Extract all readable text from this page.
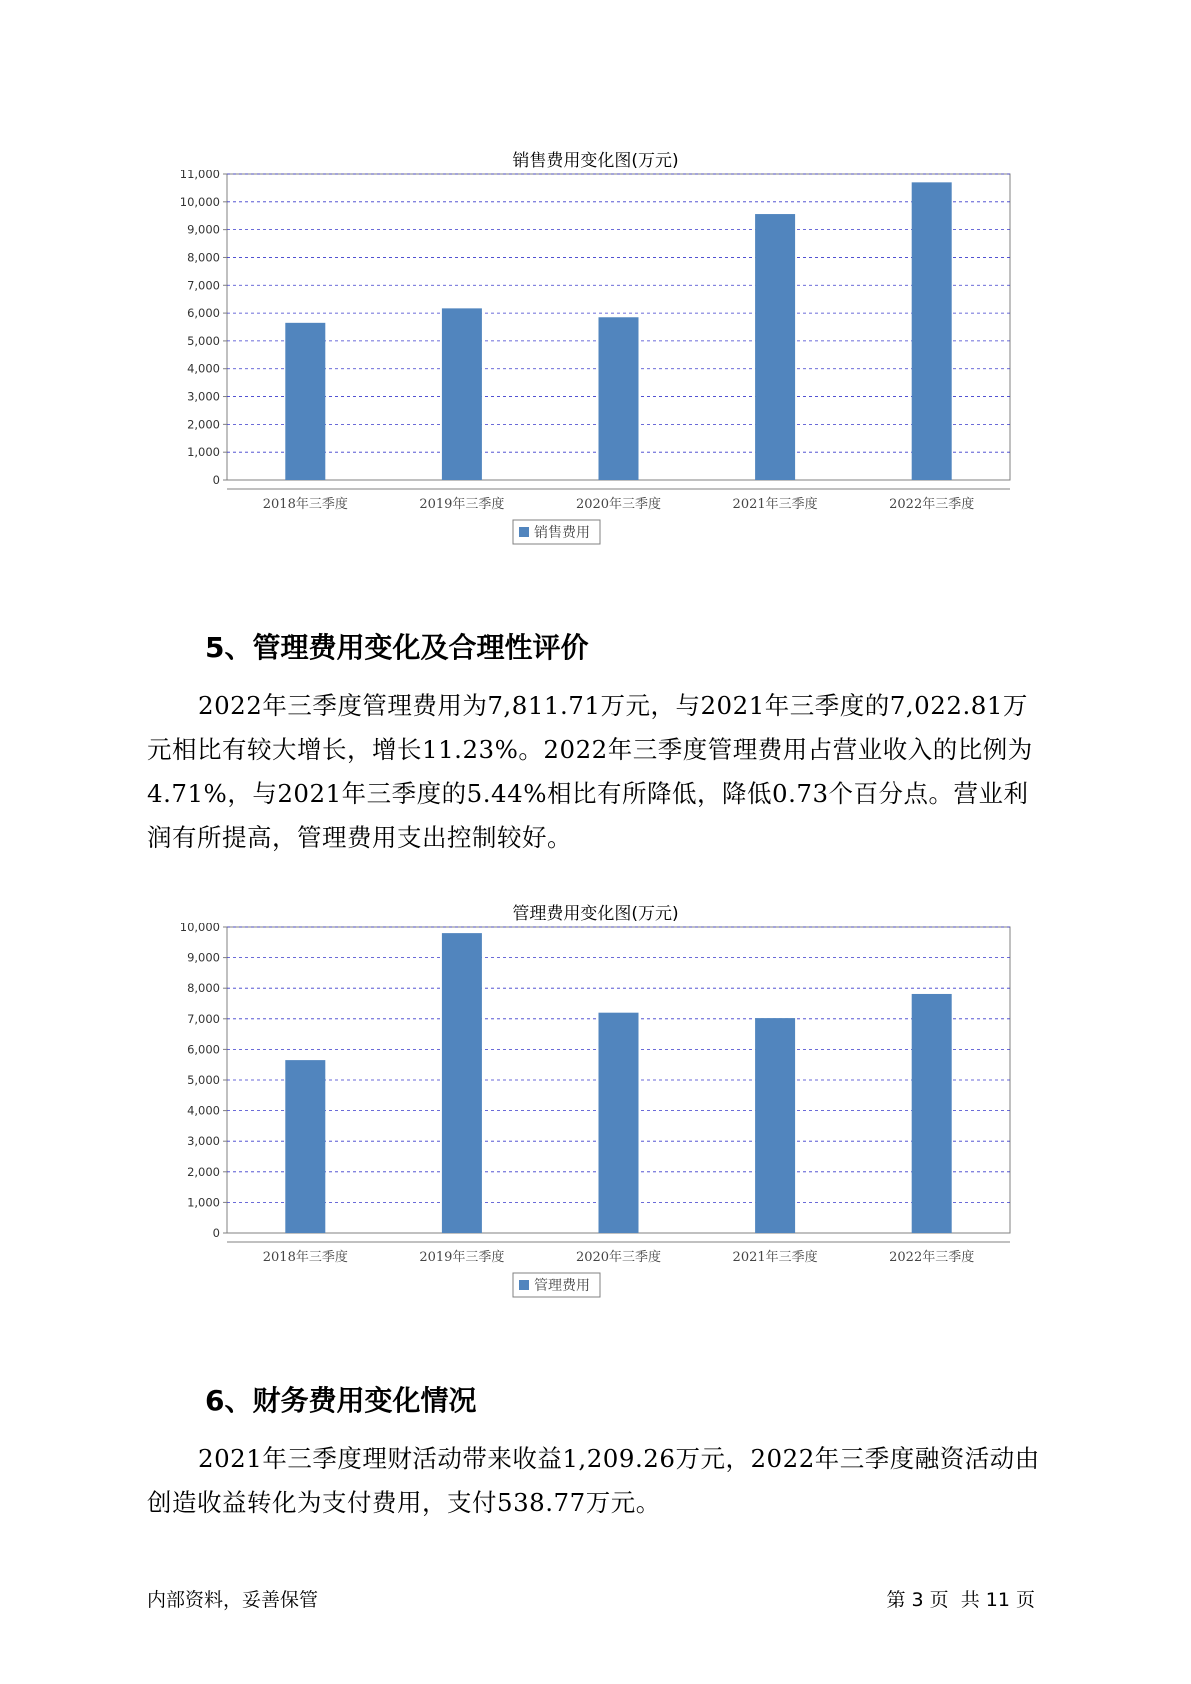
销售费用变化图(万元)
0
1,000
2,000
3,000
4,000
5,000
6,000
7,000
8,000
9,000
10,000
11,000
2018年三季度	2019年三季度	2020年三季度	2021年三季度	2022年三季度
销售费用
5、管理费用变化及合理性评价
2022年三季度管理费用为7,811.71万元，与2021年三季度的7,022.81万元相比有较大增长，增长11.23%。2022年三季度管理费用占营业收入的比例为4.71%，与2021年三季度的5.44%相比有所降低，降低0.73个百分点。营业利润有所提高，管理费用支出控制较好。
管理费用变化图(万元)
0
1,000
2,000
3,000
4,000
5,000
6,000
7,000
8,000
9,000
10,000
2018年三季度	2019年三季度	2020年三季度	2021年三季度	2022年三季度
管理费用
6、财务费用变化情况
2021年三季度理财活动带来收益1,209.26万元，2022年三季度融资活动由创造收益转化为支付费用，支付538.77万元。
内部资料，妥善保管	第 3 页  共 11 页
